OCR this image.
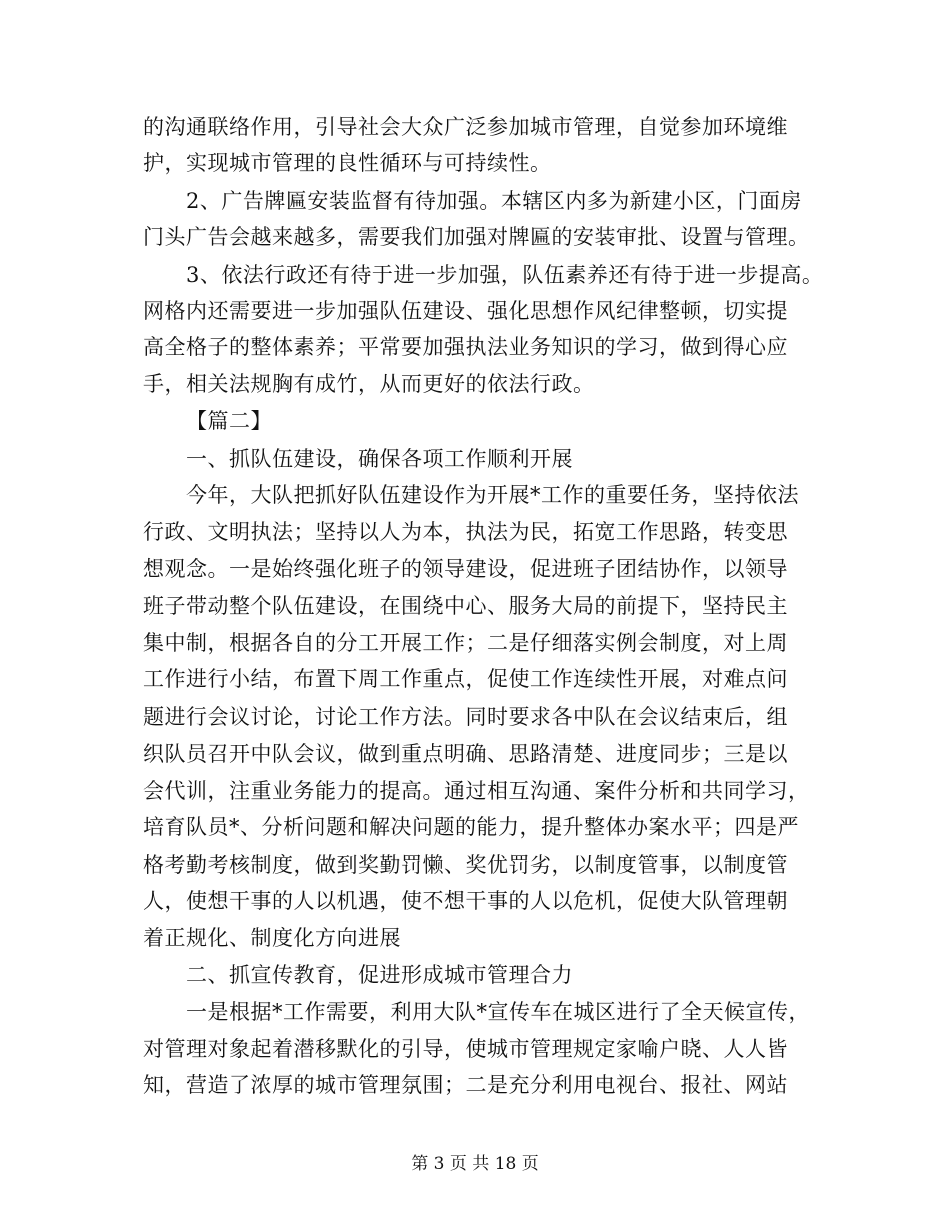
的沟通联络作用，引导社会大众广泛参加城市管理，自觉参加环境维
护，实现城市管理的良性循环与可持续性。
2、广告牌匾安装监督有待加强。本辖区内多为新建小区，门面房
门头广告会越来越多，需要我们加强对牌匾的安装审批、设置与管理。
3、依法行政还有待于进一步加强，队伍素养还有待于进一步提高。
网格内还需要进一步加强队伍建设、强化思想作风纪律整顿，切实提
高全格子的整体素养；平常要加强执法业务知识的学习，做到得心应
手，相关法规胸有成竹，从而更好的依法行政。
【篇二】
一、抓队伍建设，确保各项工作顺利开展
今年，大队把抓好队伍建设作为开展*工作的重要任务，坚持依法
行政、文明执法；坚持以人为本，执法为民，拓宽工作思路，转变思
想观念。一是始终强化班子的领导建设，促进班子团结协作，以领导
班子带动整个队伍建设，在围绕中心、服务大局的前提下，坚持民主
集中制，根据各自的分工开展工作；二是仔细落实例会制度，对上周
工作进行小结，布置下周工作重点，促使工作连续性开展，对难点问
题进行会议讨论，讨论工作方法。同时要求各中队在会议结束后，组
织队员召开中队会议，做到重点明确、思路清楚、进度同步；三是以
会代训，注重业务能力的提高。通过相互沟通、案件分析和共同学习，
培育队员*、分析问题和解决问题的能力，提升整体办案水平；四是严
格考勤考核制度，做到奖勤罚懒、奖优罚劣，以制度管事，以制度管
人，使想干事的人以机遇，使不想干事的人以危机，促使大队管理朝
着正规化、制度化方向进展
二、抓宣传教育，促进形成城市管理合力
一是根据*工作需要，利用大队*宣传车在城区进行了全天候宣传，
对管理对象起着潜移默化的引导，使城市管理规定家喻户晓、人人皆
知，营造了浓厚的城市管理氛围；二是充分利用电视台、报社、网站
第 3 页 共 18 页
